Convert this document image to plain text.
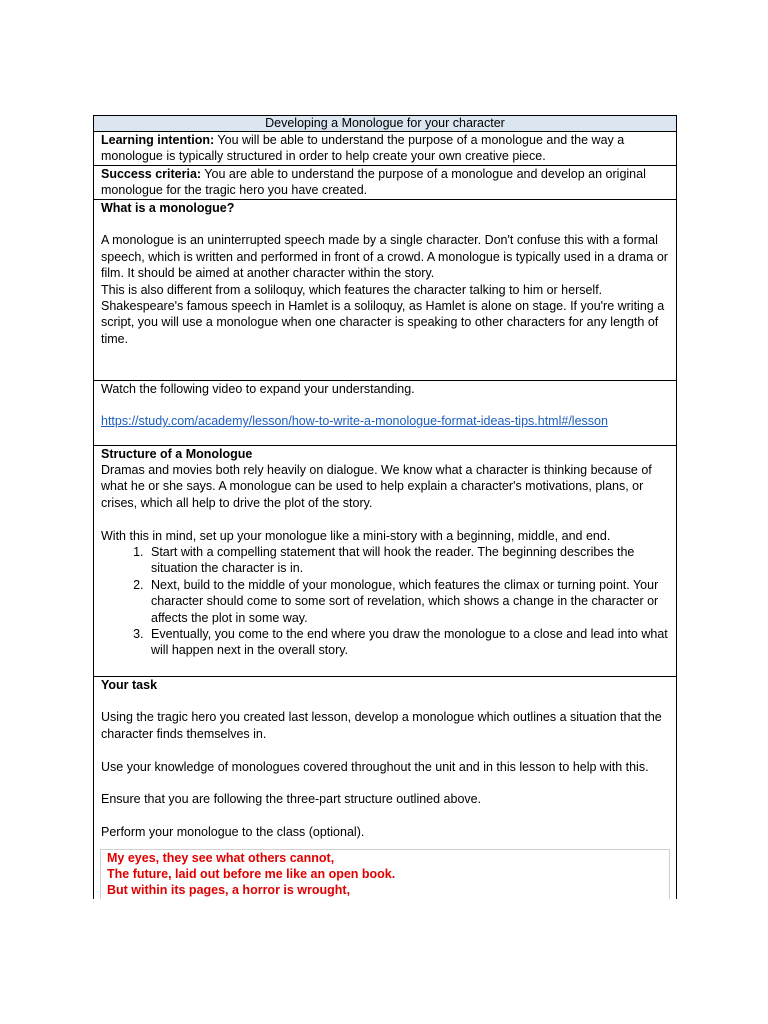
Developing a Monologue for your character
Learning intention: You will be able to understand the purpose of a monologue and the way a monologue is typically structured in order to help create your own creative piece.
Success criteria: You are able to understand the purpose of a monologue and develop an original monologue for the tragic hero you have created.

What is a monologue?

A monologue is an uninterrupted speech made by a single character. Don't confuse this with a formal speech, which is written and performed in front of a crowd. A monologue is typically used in a drama or film. It should be aimed at another character within the story.

This is also different from a soliloquy, which features the character talking to him or herself. Shakespeare's famous speech in Hamlet is a soliloquy, as Hamlet is alone on stage. If you're writing a script, you will use a monologue when one character is speaking to other characters for any length of time.

Watch the following video to expand your understanding.

https://study.com/academy/lesson/how-to-write-a-monologue-format-ideas-tips.html#/lesson

Structure of a Monologue

Dramas and movies both rely heavily on dialogue. We know what a character is thinking because of what he or she says. A monologue can be used to help explain a character's motivations, plans, or crises, which all help to drive the plot of the story.

With this in mind, set up your monologue like a mini-story with a beginning, middle, and end.

1. Start with a compelling statement that will hook the reader. The beginning describes the situation the character is in.
2. Next, build to the middle of your monologue, which features the climax or turning point. Your character should come to some sort of revelation, which shows a change in the character or affects the plot in some way.
3. Eventually, you come to the end where you draw the monologue to a close and lead into what will happen next in the overall story.

Your task

Using the tragic hero you created last lesson, develop a monologue which outlines a situation that the character finds themselves in.

Use your knowledge of monologues covered throughout the unit and in this lesson to help with this.

Ensure that you are following the three-part structure outlined above.

Perform your monologue to the class (optional).

My eyes, they see what others cannot,

The future, laid out before me like an open book.

But within its pages, a horror is wrought,
